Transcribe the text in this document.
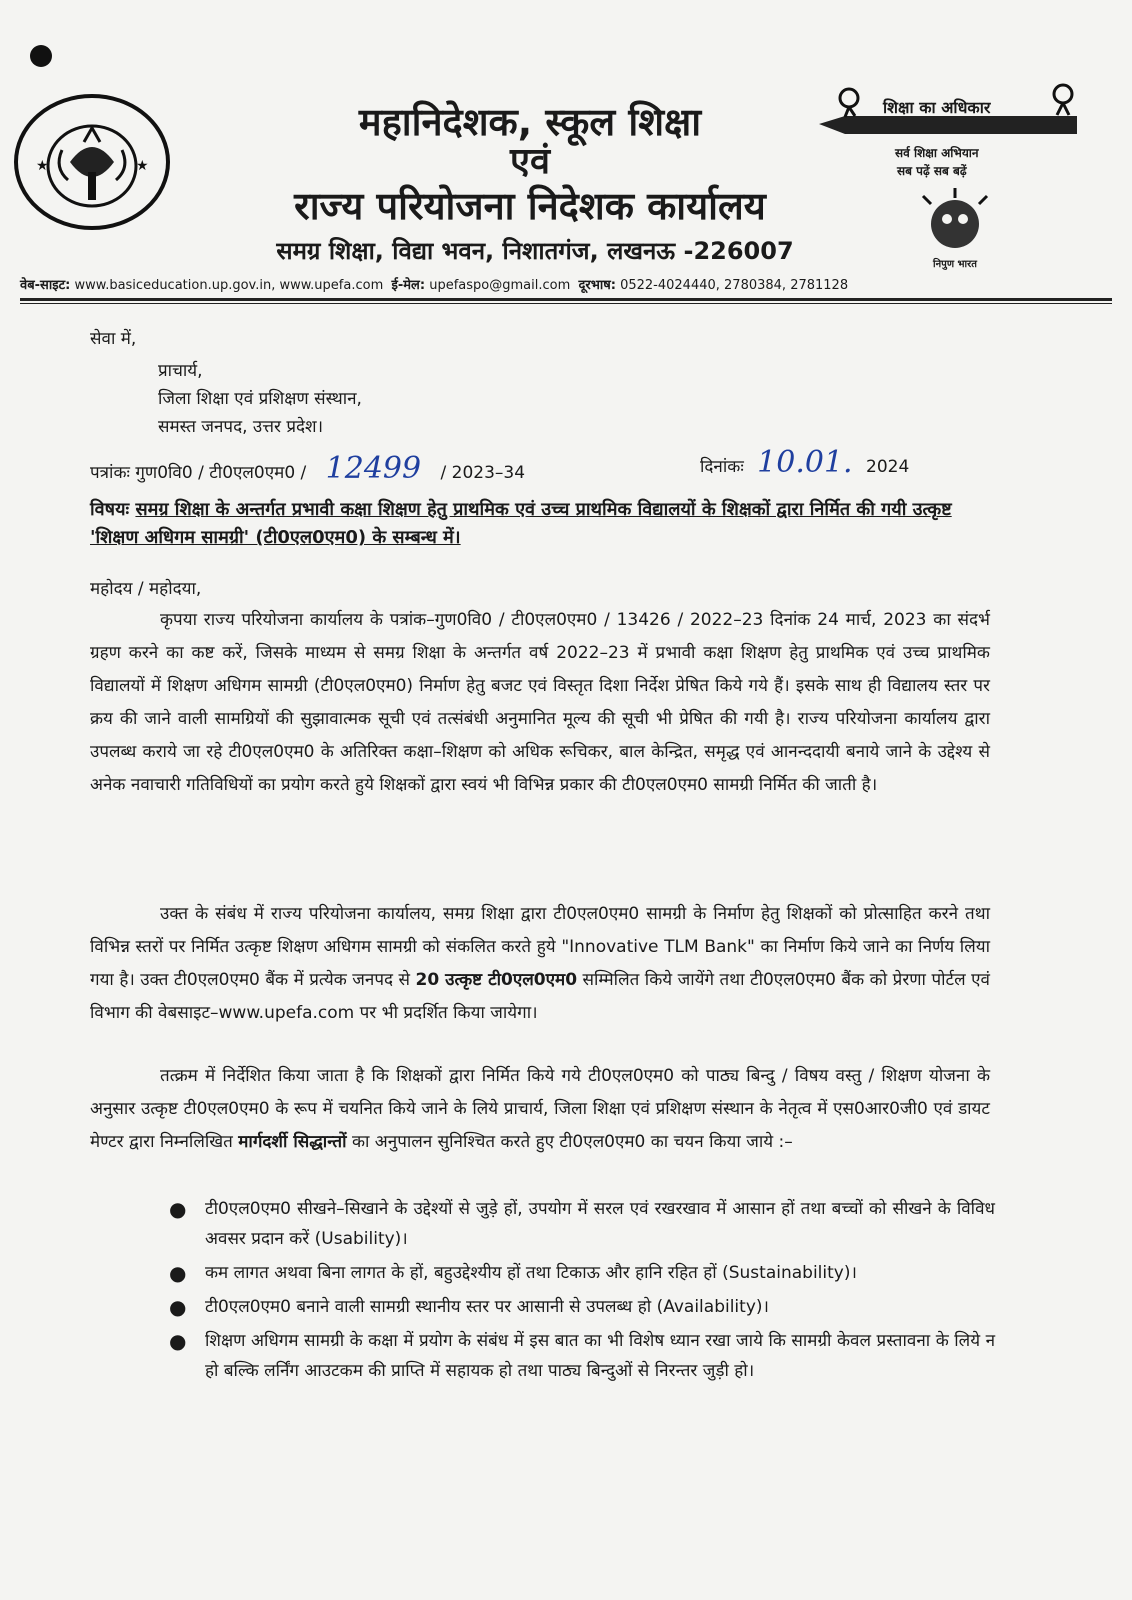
★	★
महानिदेशक, स्कूल शिक्षा
एवं
राज्य परियोजना निदेशक कार्यालय
समग्र शिक्षा, विद्या भवन, निशातगंज, लखनऊ -226007
शिक्षा का अधिकार
सर्व शिक्षा अभियान
सब पढ़ें सब बढ़ें
निपुण भारत
वेब-साइट: www.basiceducation.up.gov.in, www.upefa.com ई-मेल: upefaspo@gmail.com दूरभाष: 0522-4024440, 2780384, 2781128
सेवा में,
प्राचार्य,
जिला शिक्षा एवं प्रशिक्षण संस्थान,
समस्त जनपद, उत्तर प्रदेश।
पत्रांकः गुण0वि0 / टी0एल0एम0 / 12499 / 2023–34	दिनांकः 10.01. 2024
विषयः समग्र शिक्षा के अन्तर्गत प्रभावी कक्षा शिक्षण हेतु प्राथमिक एवं उच्च प्राथमिक विद्यालयों के शिक्षकों द्वारा निर्मित की गयी उत्कृष्ट 'शिक्षण अधिगम सामग्री' (टी0एल0एम0) के सम्बन्ध में।
महोदय / महोदया,
कृपया राज्य परियोजना कार्यालय के पत्रांक–गुण0वि0 / टी0एल0एम0 / 13426 / 2022–23 दिनांक 24 मार्च, 2023 का संदर्भ ग्रहण करने का कष्ट करें, जिसके माध्यम से समग्र शिक्षा के अन्तर्गत वर्ष 2022–23 में प्रभावी कक्षा शिक्षण हेतु प्राथमिक एवं उच्च प्राथमिक विद्यालयों में शिक्षण अधिगम सामग्री (टी0एल0एम0) निर्माण हेतु बजट एवं विस्तृत दिशा निर्देश प्रेषित किये गये हैं। इसके साथ ही विद्यालय स्तर पर क्रय की जाने वाली सामग्रियों की सुझावात्मक सूची एवं तत्संबंधी अनुमानित मूल्य की सूची भी प्रेषित की गयी है। राज्य परियोजना कार्यालय द्वारा उपलब्ध कराये जा रहे टी0एल0एम0 के अतिरिक्त कक्षा–शिक्षण को अधिक रूचिकर, बाल केन्द्रित, समृद्ध एवं आनन्ददायी बनाये जाने के उद्देश्य से अनेक नवाचारी गतिविधियों का प्रयोग करते हुये शिक्षकों द्वारा स्वयं भी विभिन्न प्रकार की टी0एल0एम0 सामग्री निर्मित की जाती है।
उक्त के संबंध में राज्य परियोजना कार्यालय, समग्र शिक्षा द्वारा टी0एल0एम0 सामग्री के निर्माण हेतु शिक्षकों को प्रोत्साहित करने तथा विभिन्न स्तरों पर निर्मित उत्कृष्ट शिक्षण अधिगम सामग्री को संकलित करते हुये "Innovative TLM Bank" का निर्माण किये जाने का निर्णय लिया गया है। उक्त टी0एल0एम0 बैंक में प्रत्येक जनपद से 20 उत्कृष्ट टी0एल0एम0 सम्मिलित किये जायेंगे तथा टी0एल0एम0 बैंक को प्रेरणा पोर्टल एवं विभाग की वेबसाइट–www.upefa.com पर भी प्रदर्शित किया जायेगा।
तत्क्रम में निर्देशित किया जाता है कि शिक्षकों द्वारा निर्मित किये गये टी0एल0एम0 को पाठ्य बिन्दु / विषय वस्तु / शिक्षण योजना के अनुसार उत्कृष्ट टी0एल0एम0 के रूप में चयनित किये जाने के लिये प्राचार्य, जिला शिक्षा एवं प्रशिक्षण संस्थान के नेतृत्व में एस0आर0जी0 एवं डायट मेण्टर द्वारा निम्नलिखित मार्गदर्शी सिद्धान्तों का अनुपालन सुनिश्चित करते हुए टी0एल0एम0 का चयन किया जाये :–
● टी0एल0एम0 सीखने–सिखाने के उद्देश्यों से जुड़े हों, उपयोग में सरल एवं रखरखाव में आसान हों तथा बच्चों को सीखने के विविध अवसर प्रदान करें (Usability)।
● कम लागत अथवा बिना लागत के हों, बहुउद्देश्यीय हों तथा टिकाऊ और हानि रहित हों (Sustainability)।
● टी0एल0एम0 बनाने वाली सामग्री स्थानीय स्तर पर आसानी से उपलब्ध हो (Availability)।
● शिक्षण अधिगम सामग्री के कक्षा में प्रयोग के संबंध में इस बात का भी विशेष ध्यान रखा जाये कि सामग्री केवल प्रस्तावना के लिये न हो बल्कि लर्निंग आउटकम की प्राप्ति में सहायक हो तथा पाठ्य बिन्दुओं से निरन्तर जुड़ी हो।
